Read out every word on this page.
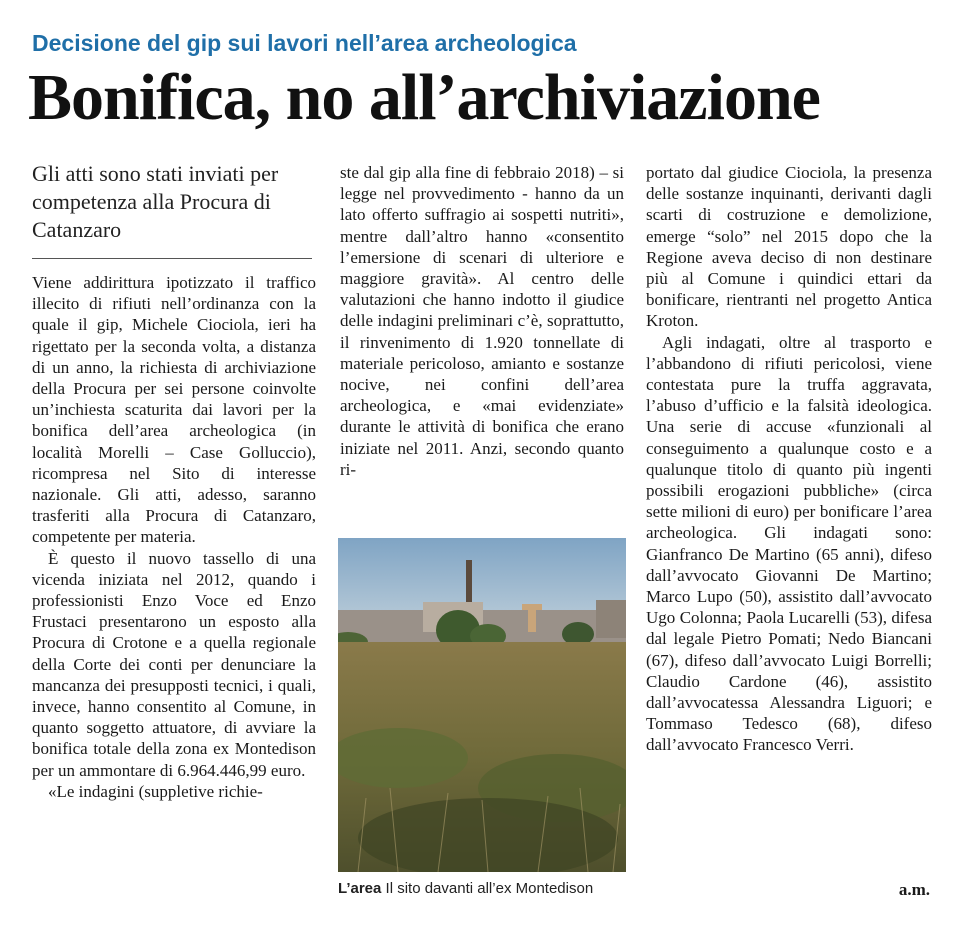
Decisione del gip sui lavori nell’area archeologica
Bonifica, no all’archiviazione
Gli atti sono stati inviati per competenza alla Procura di Catanzaro

Viene addirittura ipotizzato il traffico illecito di rifiuti nell’ordinanza con la quale il gip, Michele Ciociola, ieri ha rigettato per la seconda volta, a distanza di un anno, la richiesta di archiviazione della Procura per sei persone coinvolte un’inchiesta scaturita dai lavori per la bonifica dell’area archeologica (in località Morelli – Case Golluccio), ricompresa nel Sito di interesse nazionale. Gli atti, adesso, saranno trasferiti alla Procura di Catanzaro, competente per materia.

È questo il nuovo tassello di una vicenda iniziata nel 2012, quando i professionisti Enzo Voce ed Enzo Frustaci presentarono un esposto alla Procura di Crotone e a quella regionale della Corte dei conti per denunciare la mancanza dei presupposti tecnici, i quali, invece, hanno consentito al Comune, in quanto soggetto attuatore, di avviare la bonifica totale della zona ex Montedison per un ammontare di 6.964.446,99 euro.

«Le indagini (suppletive richie-

ste dal gip alla fine di febbraio 2018) – si legge nel provvedimento - hanno da un lato offerto suffragio ai sospetti nutriti», mentre dall’altro hanno «consentito l’emersione di scenari di ulteriore e maggiore gravità». Al centro delle valutazioni che hanno indotto il giudice delle indagini preliminari c’è, soprattutto, il rinvenimento di 1.920 tonnellate di materiale pericoloso, amianto e sostanze nocive, nei confini dell’area archeologica, e «mai evidenziate» durante le attività di bonifica che erano iniziate nel 2011. Anzi, secondo quanto ri-

portato dal giudice Ciociola, la presenza delle sostanze inquinanti, derivanti dagli scarti di costruzione e demolizione, emerge “solo” nel 2015 dopo che la Regione aveva deciso di non destinare più al Comune i quindici ettari da bonificare, rientranti nel progetto Antica Kroton.

Agli indagati, oltre al trasporto e l’abbandono di rifiuti pericolosi, viene contestata pure la truffa aggravata, l’abuso d’ufficio e la falsità ideologica. Una serie di accuse «funzionali al conseguimento a qualunque costo e a qualunque titolo di quanto più ingenti possibili erogazioni pubbliche» (circa sette milioni di euro) per bonificare l’area archeologica. Gli indagati sono: Gianfranco De Martino (65 anni), difeso dall’avvocato Giovanni De Martino; Marco Lupo (50), assistito dall’avvocato Ugo Colonna; Paola Lucarelli (53), difesa dal legale Pietro Pomati; Nedo Biancani (67), difeso dall’avvocato Luigi Borrelli; Claudio Cardone (46), assistito dall’avvocatessa Alessandra Liguori; e Tommaso Tedesco (68), difeso dall’avvocato Francesco Verri.

L’area Il sito davanti all’ex Montedison	a.m.
